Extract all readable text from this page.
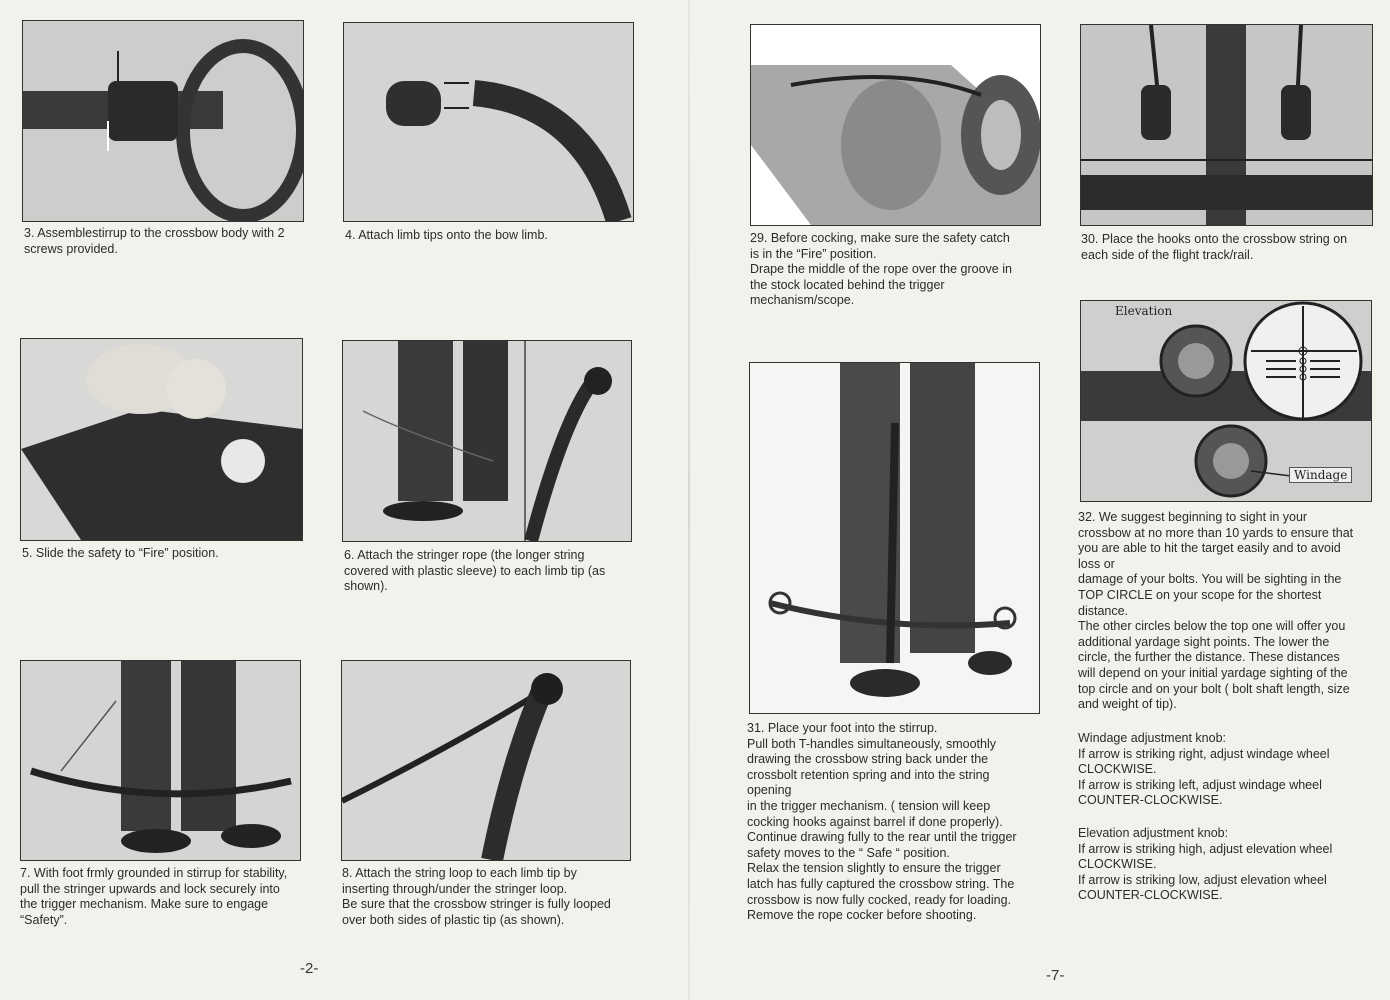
3. Assemblestirrup to the crossbow body with 2
screws provided.
4. Attach limb tips onto the bow limb.
5. Slide the safety to “Fire” position.	6. Attach the stringer rope (the longer string
covered with plastic sleeve) to each limb tip (as
shown).
7. With foot frmly grounded in stirrup for stability,
pull the stringer upwards and lock securely into
the trigger mechanism. Make sure to engage
“Safety”.
8. Attach the string loop to each limb tip by
inserting through/under the stringer loop.
Be sure that the crossbow stringer is fully looped
over both sides of plastic tip (as shown).
-2-
29. Before cocking, make sure the safety catch
is in the “Fire” position.
Drape the middle of the rope over the groove in
the stock located behind the trigger
mechanism/scope.
30. Place the hooks onto the crossbow string on
each side of the flight track/rail.
31. Place your foot into the stirrup.
Pull both T-handles simultaneously, smoothly
drawing the crossbow string back under the
crossbolt retention spring and into the string
opening
in the trigger mechanism. ( tension will keep
cocking hooks against barrel if done properly).
Continue drawing fully to the rear until the trigger
safety moves to the “ Safe “ position.
Relax the tension slightly to ensure the trigger
latch has fully captured the crossbow string. The
crossbow is now fully cocked, ready for loading.
Remove the rope cocker before shooting.
Elevation
Windage
32. We suggest beginning to sight in your
crossbow at no more than 10 yards to ensure that
you are able to hit the target easily and to avoid
loss or
damage of your bolts. You will be sighting in the
TOP CIRCLE on your scope for the shortest
distance.
The other circles below the top one will offer you
additional yardage sight points. The lower the
circle, the further the distance. These distances
will depend on your initial yardage sighting of the
top circle and on your bolt ( bolt shaft length, size
and weight of tip).
Windage adjustment knob:
If arrow is striking right, adjust windage wheel
CLOCKWISE.
If arrow is striking left, adjust windage wheel
COUNTER-CLOCKWISE.
Elevation adjustment knob:
If arrow is striking high, adjust elevation wheel
CLOCKWISE.
If arrow is striking low, adjust elevation wheel
COUNTER-CLOCKWISE.
-7-
